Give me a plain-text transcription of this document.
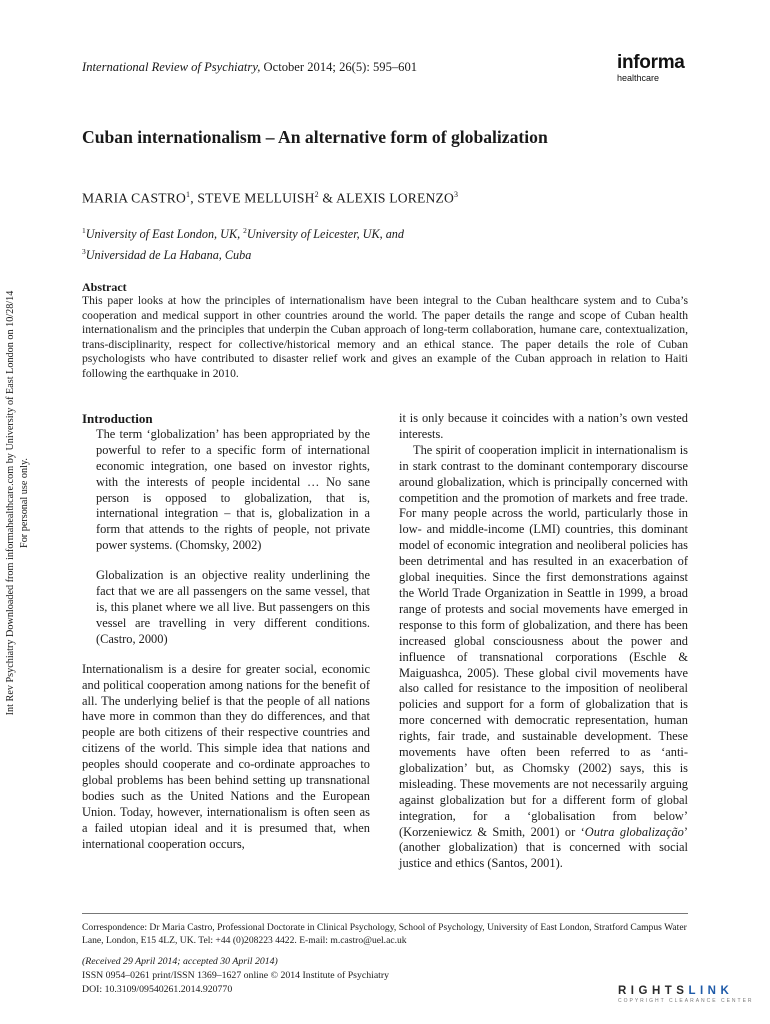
Int Rev Psychiatry Downloaded from informahealthcare.com by University of East London on 10/28/14 For personal use only.
International Review of Psychiatry, October 2014; 26(5): 595–601	informa
healthcare
Cuban internationalism – An alternative form of globalization
MARIA CASTRO$^1$, STEVE MELLUISH$^2$ & ALEXIS LORENZO$^3$
$^1$University of East London, UK, $^2$University of Leicester, UK, and
$^3$Universidad de La Habana, Cuba
Abstract
This paper looks at how the principles of internationalism have been integral to the Cuban healthcare system and to Cuba’s cooperation and medical support in other countries around the world. The paper details the range and scope of Cuban health internationalism and the principles that underpin the Cuban approach of long-term collaboration, humane care, contextualization, trans-disciplinarity, respect for collective/historical memory and an ethical stance. The paper details the role of Cuban psychologists who have contributed to disaster relief work and gives an example of the Cuban approach in relation to Haiti following the earthquake in 2010.

Introduction

The term ‘globalization’ has been appropriated by the powerful to refer to a specific form of international economic integration, one based on investor rights, with the interests of people incidental … No sane person is opposed to globalization, that is, international integration – that is, globalization in a form that attends to the rights of people, not private power systems. (Chomsky, 2002)

Globalization is an objective reality underlining the fact that we are all passengers on the same vessel, that is, this planet where we all live. But passengers on this vessel are travelling in very different conditions. (Castro, 2000)

Internationalism is a desire for greater social, economic and political cooperation among nations for the benefit of all. The underlying belief is that the people of all nations have more in common than they do differences, and that people are both citizens of their respective countries and citizens of the world. This simple idea that nations and peoples should cooperate and co-ordinate approaches to global problems has been behind setting up transnational bodies such as the United Nations and the European Union. Today, however, internationalism is often seen as a failed utopian ideal and it is presumed that, when international cooperation occurs,

it is only because it coincides with a nation’s own vested interests.

The spirit of cooperation implicit in internationalism is in stark contrast to the dominant contemporary discourse around globalization, which is principally concerned with competition and the promotion of markets and free trade. For many people across the world, particularly those in low- and middle-income (LMI) countries, this dominant model of economic integration and neoliberal policies has been detrimental and has resulted in an exacerbation of global inequities. Since the first demonstrations against the World Trade Organization in Seattle in 1999, a broad range of protests and social movements have emerged in response to this form of globalization, and there has been increased global consciousness about the power and influence of transnational corporations (Eschle & Maiguashca, 2005). These global civil movements have also called for resistance to the imposition of neoliberal policies and support for a form of globalization that is more concerned with democratic representation, human rights, fair trade, and sustainable development. These movements have often been referred to as ‘anti-globalization’ but, as Chomsky (2002) says, this is misleading. These movements are not necessarily arguing against globalization but for a different form of global integration, for a ‘globalisation from below’ (Korzeniewicz & Smith, 2001) or ‘Outra globalização’ (another globalization) that is concerned with social justice and ethics (Santos, 2001).

Correspondence: Dr Maria Castro, Professional Doctorate in Clinical Psychology, School of Psychology, University of East London, Stratford Campus Water Lane, London, E15 4LZ, UK. Tel: +44 (0)208223 4422. E-mail: m.castro@uel.ac.uk
(Received 29 April 2014; accepted 30 April 2014)
ISSN 0954–0261 print/ISSN 1369–1627 online © 2014 Institute of Psychiatry
DOI: 10.3109/09540261.2014.920770	RIGHTSLINK
COPYRIGHT CLEARANCE CENTER
